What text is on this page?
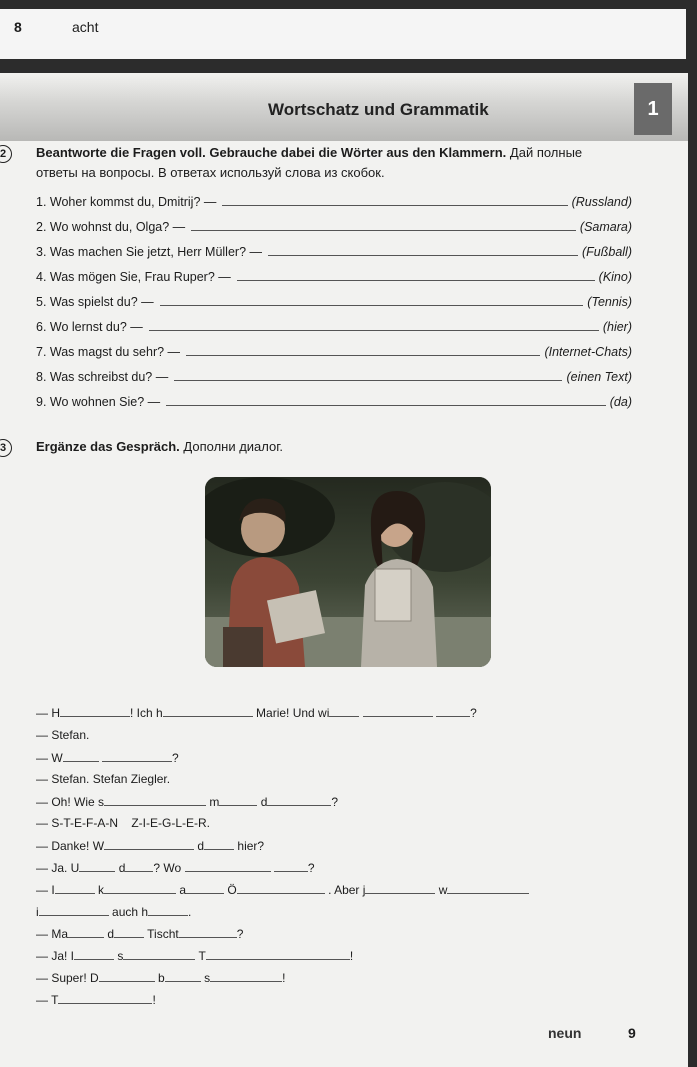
8	acht
Wortschatz und Grammatik	1
2	Beantworte die Fragen voll. Gebrauche dabei die Wörter aus den Klammern. Дай полные
ответы на вопросы. В ответах используй слова из скобок.
1. Woher kommst du, Dmitrij? —	(Russland)
2. Wo wohnst du, Olga? —	(Samara)
3. Was machen Sie jetzt, Herr Müller? —	(Fußball)
4. Was mögen Sie, Frau Ruper? —	(Kino)
5. Was spielst du? —	(Tennis)
6. Wo lernst du? —	(hier)
7. Was magst du sehr? —	(Internet-Chats)
8. Was schreibst du? —	(einen Text)
9. Wo wohnen Sie? —	(da)
3	Ergänze das Gespräch. Дополни диалог.
— H	! Ich h	Marie! Und wi	?
— Stefan.
— W	?
— Stefan. Stefan Ziegler.
— Oh! Wie s	m	d	?
— S-T-E-F-A-N    Z-I-E-G-L-E-R.
— Danke! W	d	hier?
— Ja. U	d ? Wo	?
— I	k	a	Ö	. Aber j	w
i	auch h	.
— Ma	d	Tischt	?
— Ja! I	s	T	!
— Super! D	b	s	!
— T	!
neun	9
